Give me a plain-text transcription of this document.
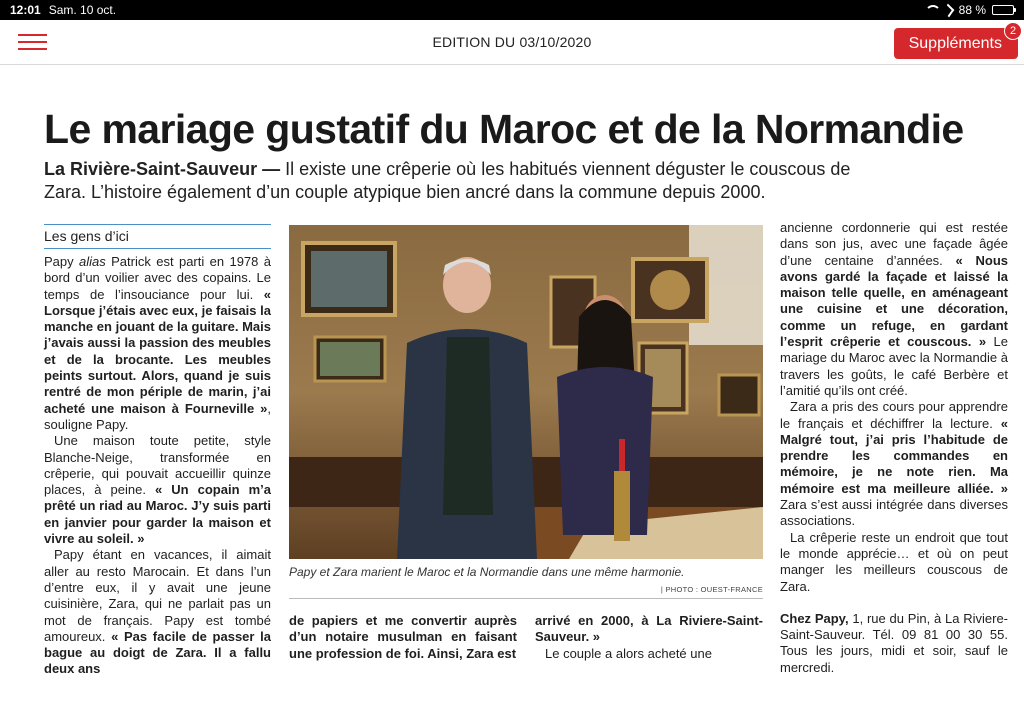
12:01 Sam. 10 oct.	88 %
EDITION DU 03/10/2020	Suppléments
2
Le mariage gustatif du Maroc et de la Normandie

La Rivière-Saint-Sauveur — Il existe une crêperie où les habitués viennent déguster le couscous de Zara. L’histoire également d’un couple atypique bien ancré dans la commune depuis 2000.

Les gens d’ici

Papy alias Patrick est parti en 1978 à bord d’un voilier avec des copains. Le temps de l’insouciance pour lui. « Lorsque j’étais avec eux, je faisais la manche en jouant de la guitare. Mais j’avais aussi la passion des meubles et de la brocante. Les meubles peints surtout. Alors, quand je suis rentré de mon périple de marin, j’ai acheté une maison à Fourneville », souligne Papy.

Une maison toute petite, style Blanche-Neige, transformée en crêperie, qui pouvait accueillir quinze places, à peine. « Un copain m’a prêté un riad au Maroc. J’y suis parti en janvier pour garder la maison et vivre au soleil. »

Papy étant en vacances, il aimait aller au resto Marocain. Et dans l’un d’entre eux, il y avait une jeune cuisinière, Zara, qui ne parlait pas un mot de français. Papy est tombé amoureux. « Pas facile de passer la bague au doigt de Zara. Il a fallu deux ans

Papy et Zara marient le Maroc et la Normandie dans une même harmonie.
| PHOTO : OUEST-FRANCE

de papiers et me convertir auprès d’un notaire musulman en faisant une profession de foi. Ainsi, Zara est

arrivé en 2000, à La Riviere-Saint-Sauveur. »

Le couple a alors acheté une

ancienne cordonnerie qui est restée dans son jus, avec une façade âgée d’une centaine d’années. « Nous avons gardé la façade et laissé la maison telle quelle, en aménageant une cuisine et une décoration, comme un refuge, en gardant l’esprit crêperie et couscous. » Le mariage du Maroc avec la Normandie à travers les goûts, le café Berbère et l’amitié qu’ils ont créé.

Zara a pris des cours pour apprendre le français et déchiffrer la lecture. « Malgré tout, j’ai pris l’habitude de prendre les commandes en mémoire, je ne note rien. Ma mémoire est ma meilleure alliée. » Zara s’est aussi intégrée dans diverses associations.

La crêperie reste un endroit que tout le monde apprécie… et où on peut manger les meilleurs couscous de Zara.

Chez Papy, 1, rue du Pin, à La Riviere-Saint-Sauveur. Tél. 09 81 00 30 55. Tous les jours, midi et soir, sauf le mercredi.
